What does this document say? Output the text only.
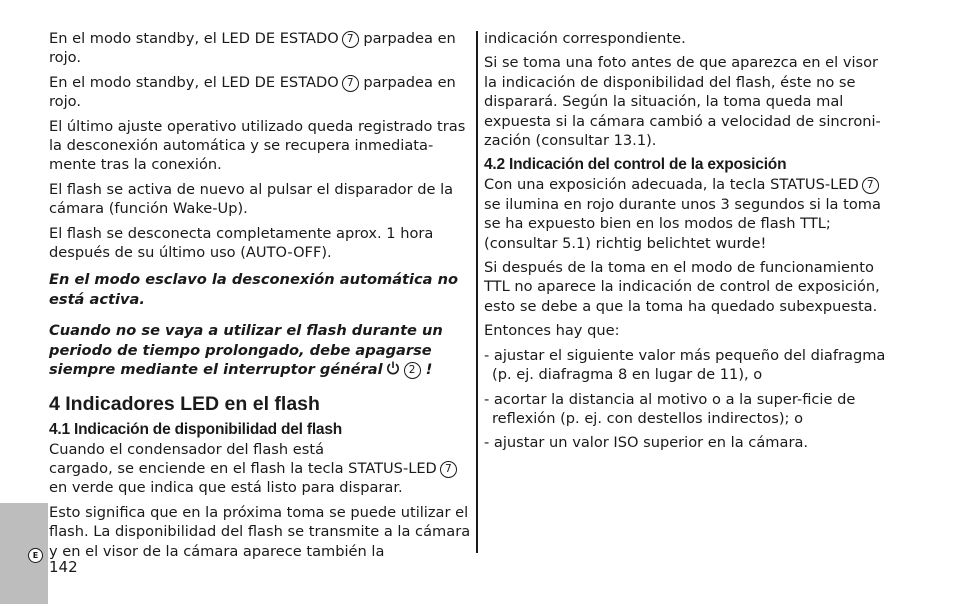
En el modo standby, el LED DE ESTADO 7 parpadea en rojo.

En el modo standby, el LED DE ESTADO 7 parpadea en rojo.

El último ajuste operativo utilizado queda registrado tras la desconexión automática y se recupera inmediata-mente tras la conexión.

El flash se activa de nuevo al pulsar el disparador de la cámara (función Wake-Up).

El flash se desconecta completamente aprox. 1 hora después de su último uso (AUTO-OFF).

En el modo esclavo la desconexión automática no está activa.

Cuando no se vaya a utilizar el flash durante un periodo de tiempo prolongado, debe apagarse siempre mediante el interruptor général 2 !

4 Indicadores LED en el flash
4.1 Indicación de disponibilidad del flash

Cuando el condensador del flash está
cargado, se enciende en el flash la tecla STATUS-LED 7
en verde que indica que está listo para disparar.

Esto significa que en la próxima toma se puede utilizar el flash. La disponibilidad del flash se transmite a la cámara y en el visor de la cámara aparece también la

indicación correspondiente.

Si se toma una foto antes de que aparezca en el visor la indicación de disponibilidad del flash, éste no se disparará. Según la situación, la toma queda mal expuesta si la cámara cambió a velocidad de sincroni-zación (consultar 13.1).

4.2 Indicación del control de la exposición

Con una exposición adecuada, la tecla STATUS-LED 7 se ilumina en rojo durante unos 3 segundos si la toma se ha expuesto bien en los modos de flash TTL; (consultar 5.1) richtig belichtet wurde!

Si después de la toma en el modo de funcionamiento TTL no aparece la indicación de control de exposición, esto se debe a que la toma ha quedado subexpuesta.

Entonces hay que:

- ajustar el siguiente valor más pequeño del diafragma (p. ej. diafragma 8 en lugar de 11), o

- acortar la distancia al motivo o a la super-ficie de reflexión (p. ej. con destellos indirectos); o

- ajustar un valor ISO superior en la cámara.

E
142
